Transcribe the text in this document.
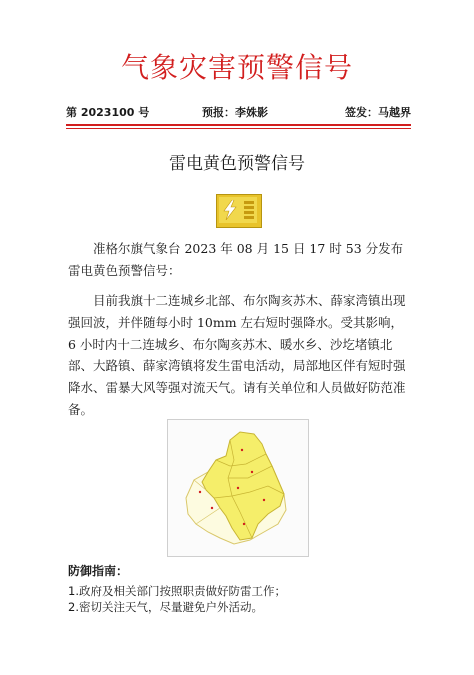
气象灾害预警信号
第 2023100 号	预报：李姝影	签发：马越界
雷电黄色预警信号
准格尔旗气象台 2023 年 08 月 15 日 17 时 53 分发布雷电黄色预警信号：
目前我旗十二连城乡北部、布尔陶亥苏木、薛家湾镇出现强回波，并伴随每小时 10mm 左右短时强降水。受其影响，6 小时内十二连城乡、布尔陶亥苏木、暖水乡、沙圪堵镇北部、大路镇、薛家湾镇将发生雷电活动，局部地区伴有短时强降水、雷暴大风等强对流天气。请有关单位和人员做好防范准备。
防御指南：
1.政府及相关部门按照职责做好防雷工作；
2.密切关注天气，尽量避免户外活动。
